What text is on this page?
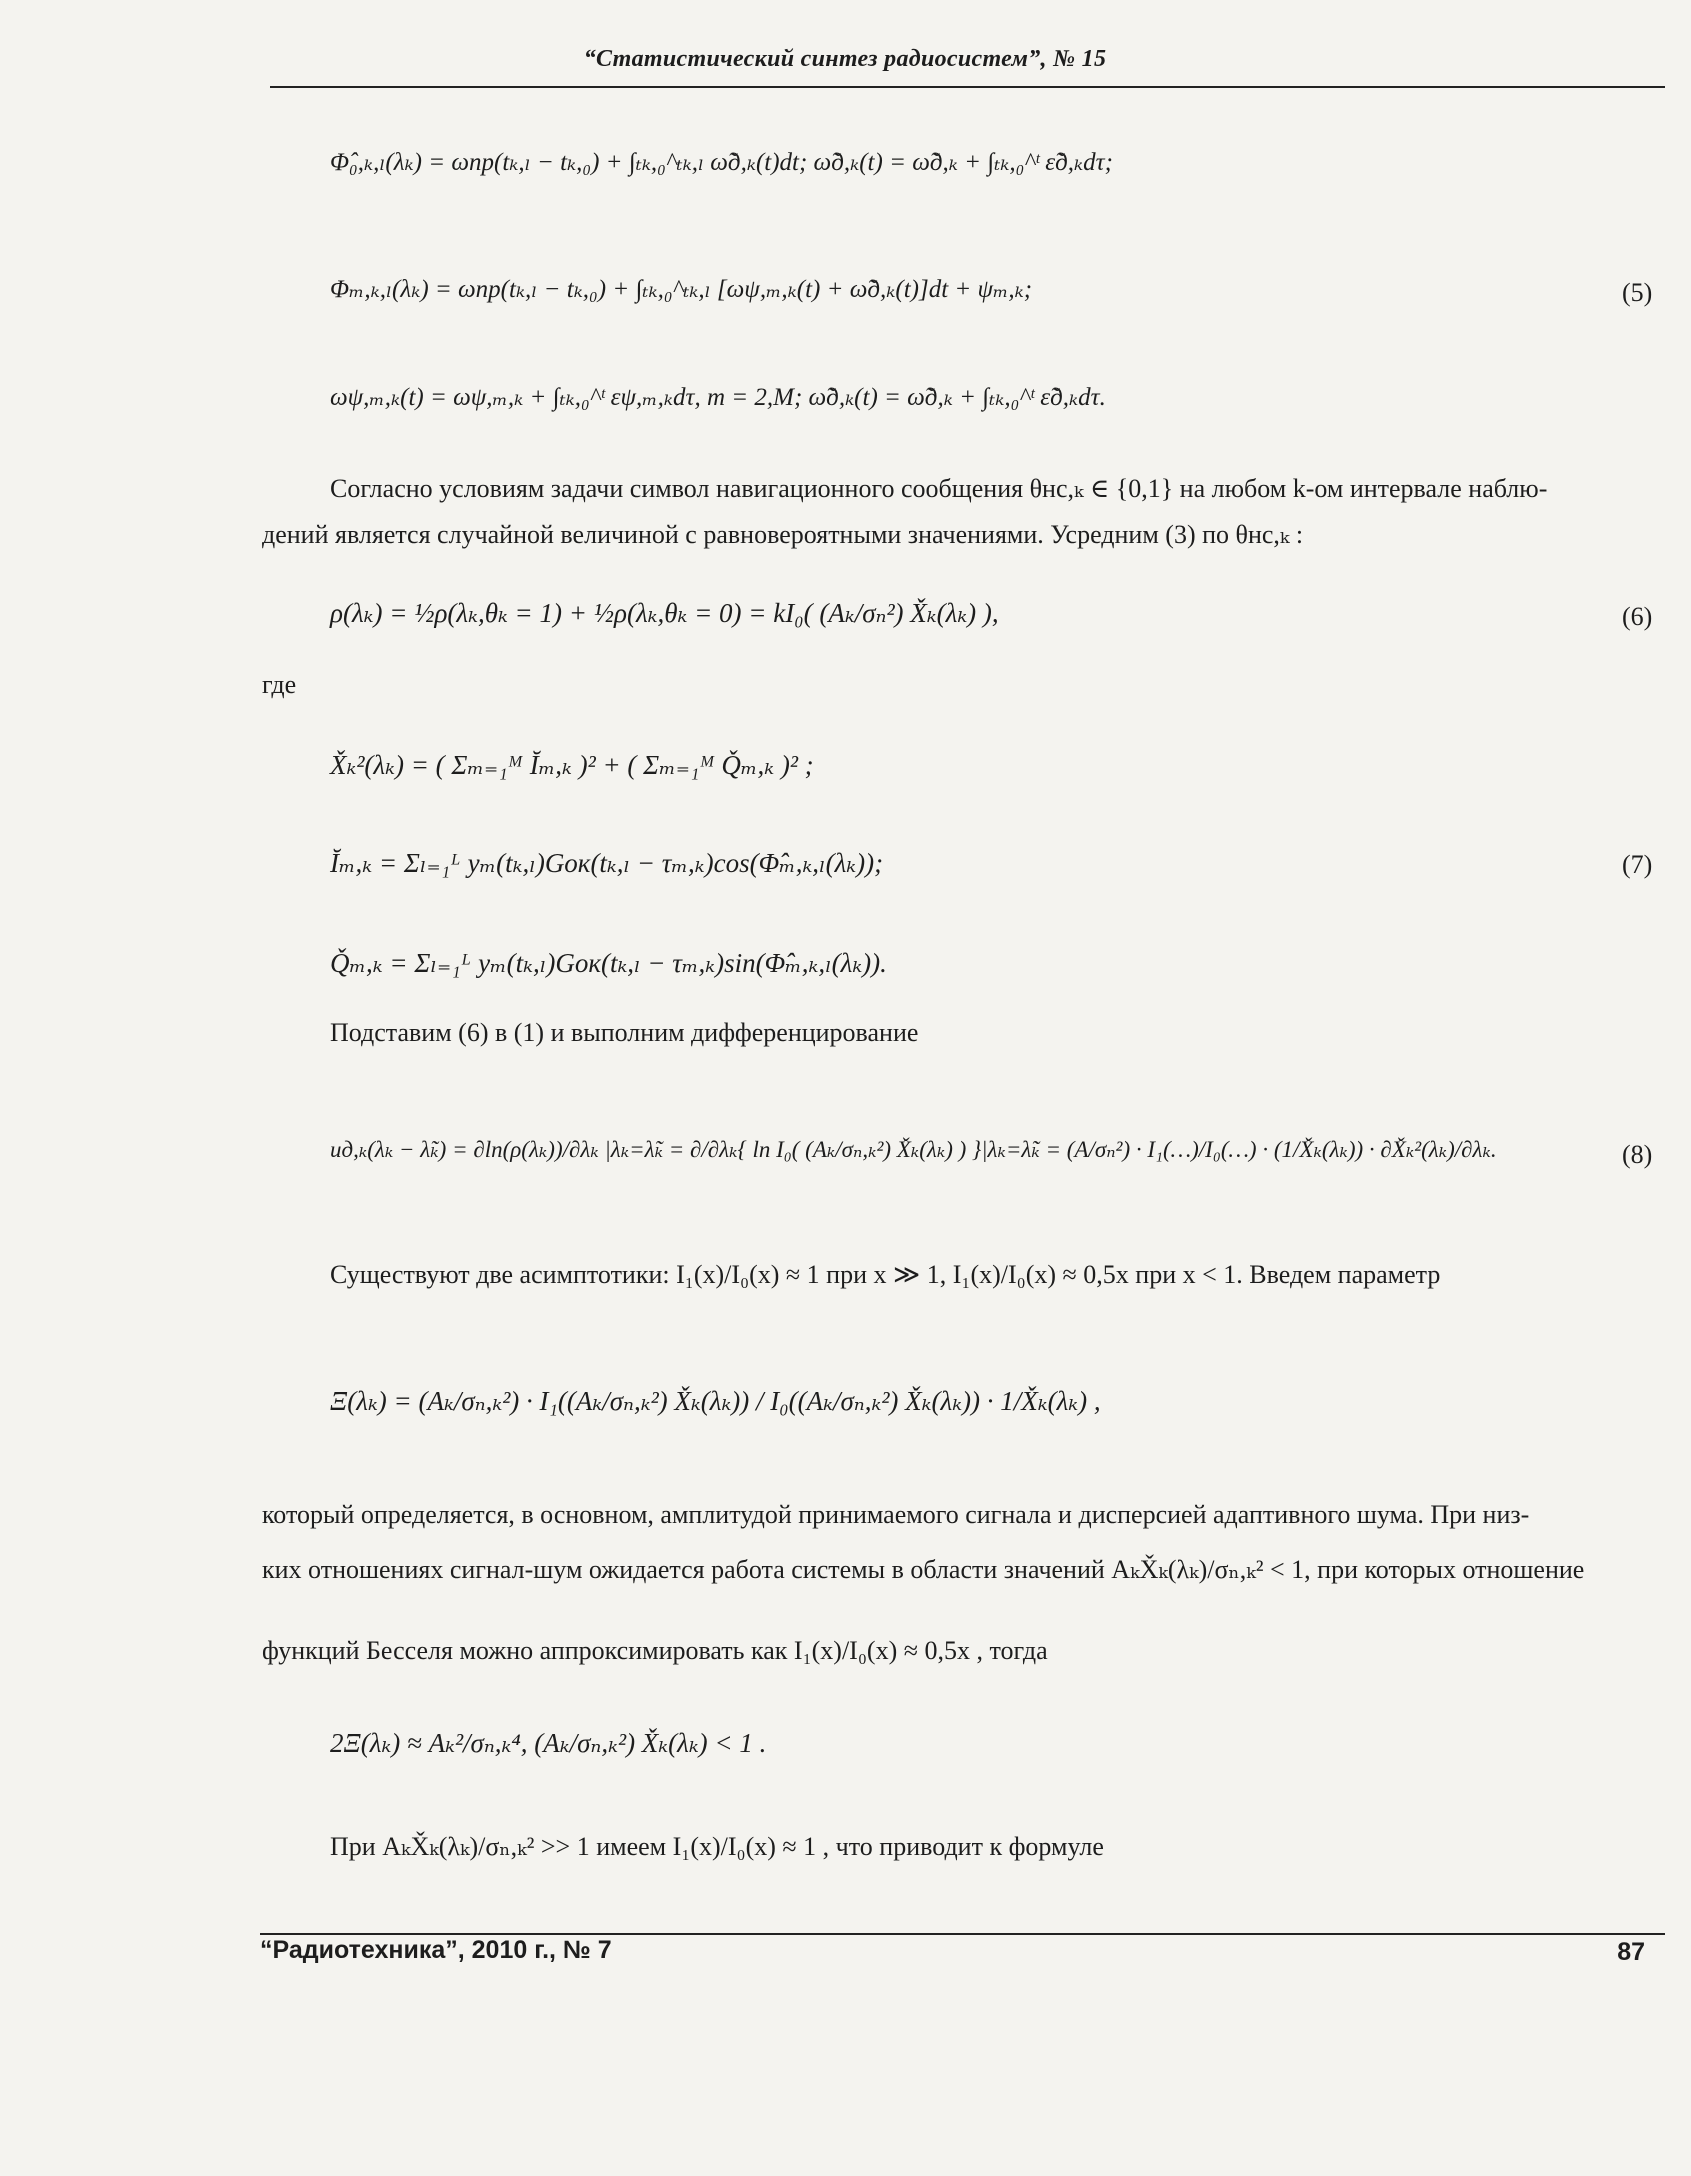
“Статистический синтез радиосистем”, № 15
Φ̂₀,ₖ,ₗ(λₖ) = ωпр(tₖ,ₗ − tₖ,₀) + ∫ₜₖ,₀^ₜₖ,ₗ ω̃д,ₖ(t)dt; ω̃д,ₖ(t) = ω̃д,ₖ + ∫ₜₖ,₀^ᵗ ε̃д,ₖdτ;
Φₘ,ₖ,ₗ(λₖ) = ωпр(tₖ,ₗ − tₖ,₀) + ∫ₜₖ,₀^ₜₖ,ₗ [ωψ,ₘ,ₖ(t) + ω̃д,ₖ(t)]dt + ψₘ,ₖ;	(5)
ωψ,ₘ,ₖ(t) = ωψ,ₘ,ₖ + ∫ₜₖ,₀^ᵗ εψ,ₘ,ₖdτ, m = 2,M; ω̃д,ₖ(t) = ω̃д,ₖ + ∫ₜₖ,₀^ᵗ ε̃д,ₖdτ.
Согласно условиям задачи символ навигационного сообщения θнс,ₖ ∈ {0,1} на любом k-ом интервале наблю-
дений является случайной величиной с равновероятными значениями. Усредним (3) по θнс,ₖ :
ρ(λₖ) = ½ρ(λₖ,θₖ = 1) + ½ρ(λₖ,θₖ = 0) = kI₀( (Aₖ/σₙ²) X̌ₖ(λₖ) ),	(6)
где
X̌ₖ²(λₖ) = ( Σₘ₌₁ᴹ Ĭₘ,ₖ )² + ( Σₘ₌₁ᴹ Q̌ₘ,ₖ )² ;
Ĭₘ,ₖ = Σₗ₌₁ᴸ yₘ(tₖ,ₗ)Gок(tₖ,ₗ − τₘ,ₖ)cos(Φ̂ₘ,ₖ,ₗ(λₖ));	(7)
Q̌ₘ,ₖ = Σₗ₌₁ᴸ yₘ(tₖ,ₗ)Gок(tₖ,ₗ − τₘ,ₖ)sin(Φ̂ₘ,ₖ,ₗ(λₖ)).
Подставим (6) в (1) и выполним дифференцирование
uд,ₖ(λₖ − λ̃ₖ) = ∂ln(ρ(λₖ))/∂λₖ |λₖ=λ̃ₖ = ∂/∂λₖ{ ln I₀( (Aₖ/σₙ,ₖ²) X̌ₖ(λₖ) ) }|λₖ=λ̃ₖ = (A/σₙ²) · I₁(…)/I₀(…) · (1/X̌ₖ(λₖ)) · ∂X̌ₖ²(λₖ)/∂λₖ.	(8)
Существуют две асимптотики: I₁(x)/I₀(x) ≈ 1 при x ≫ 1, I₁(x)/I₀(x) ≈ 0,5x при x < 1. Введем параметр
Ξ(λₖ) = (Aₖ/σₙ,ₖ²) · I₁((Aₖ/σₙ,ₖ²) X̌ₖ(λₖ)) / I₀((Aₖ/σₙ,ₖ²) X̌ₖ(λₖ)) · 1/X̌ₖ(λₖ) ,
который определяется, в основном, амплитудой принимаемого сигнала и дисперсией адаптивного шума. При низ-
ких отношениях сигнал-шум ожидается работа системы в области значений AₖX̌ₖ(λₖ)/σₙ,ₖ² < 1, при которых отношение
функций Бесселя можно аппроксимировать как I₁(x)/I₀(x) ≈ 0,5x , тогда
2Ξ(λₖ) ≈ Aₖ²/σₙ,ₖ⁴, (Aₖ/σₙ,ₖ²) X̌ₖ(λₖ) < 1 .
При AₖX̌ₖ(λₖ)/σₙ,ₖ² >> 1 имеем I₁(x)/I₀(x) ≈ 1 , что приводит к формуле
“Радиотехника”, 2010 г., № 7	87
